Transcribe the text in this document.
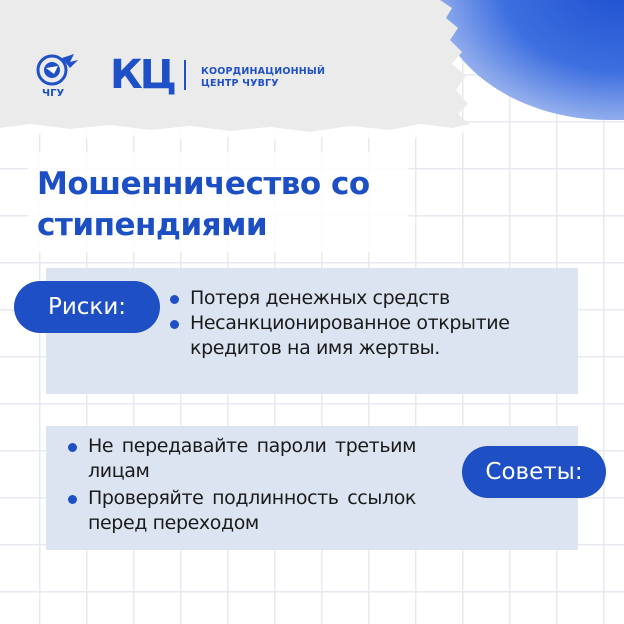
ЧГУ КЦ	КООРДИНАЦИОННЫЙ
ЦЕНТР ЧУВГУ
Мошенничество со
стипендиями
Риски:	Потеря денежных средств
Несанкционированное открытие кредитов на имя жертвы.
Не передавайте пароли третьим лицам
Проверяйте подлинность ссылок перед переходом
Советы:
